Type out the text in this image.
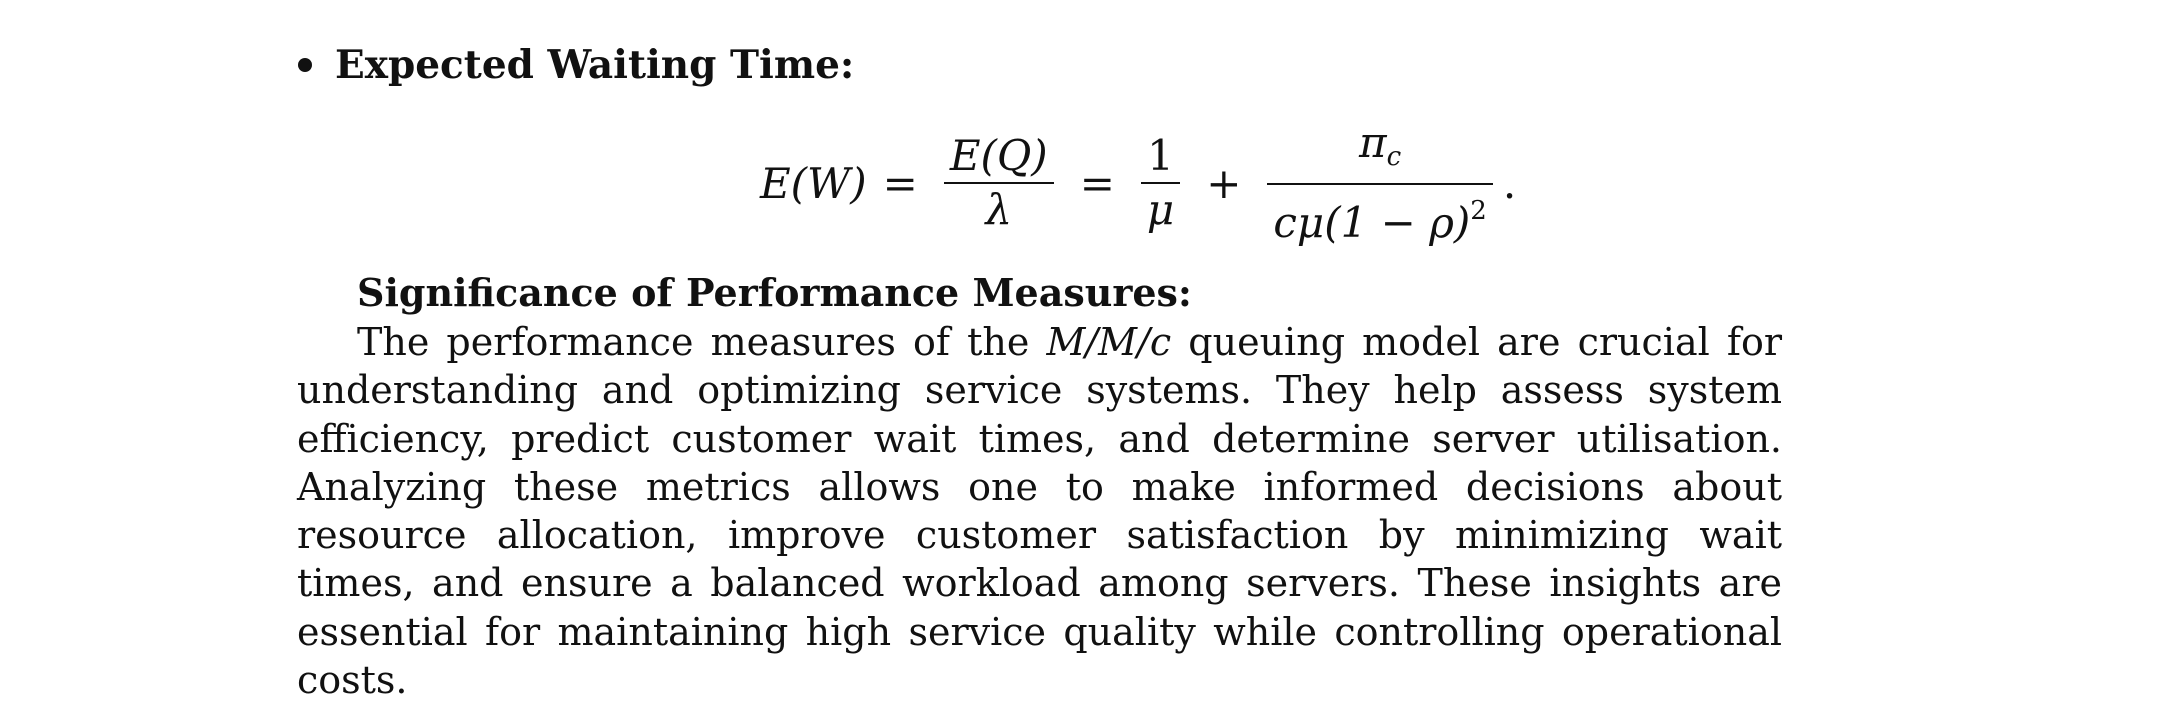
Expected Waiting Time:
$E(W) = \frac{E(Q)}{\lambda} = \frac{1}{\mu} + \frac{\pi_c}{c\mu(1 - \rho)^2}$ .
Significance of Performance Measures:

The performance measures of the M/M/c queuing model are crucial for understanding and optimizing service systems. They help assess system efficiency, predict customer wait times, and determine server utilisation. Analyzing these metrics allows one to make informed decisions about resource allocation, improve customer satisfaction by minimizing wait times, and ensure a balanced workload among servers. These insights are essential for maintaining high service quality while controlling operational costs.
